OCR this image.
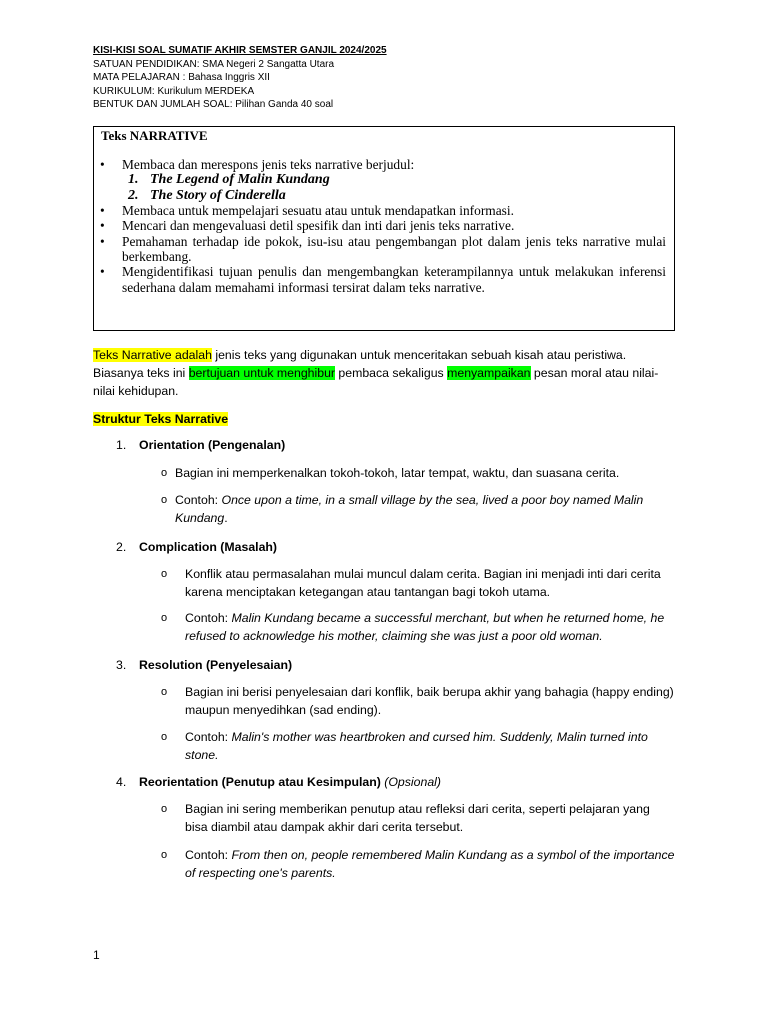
KISI-KISI SOAL SUMATIF AKHIR SEMSTER GANJIL 2024/2025
SATUAN PENDIDIKAN: SMA Negeri 2 Sangatta Utara
MATA PELAJARAN : Bahasa Inggris XII
KURIKULUM: Kurikulum MERDEKA
BENTUK DAN JUMLAH SOAL: Pilihan Ganda 40 soal
Teks NARRATIVE
• Membaca dan merespons jenis teks narrative berjudul:
1. The Legend of Malin Kundang
2. The Story of Cinderella
• Membaca untuk mempelajari sesuatu atau untuk mendapatkan informasi.
• Mencari dan mengevaluasi detil spesifik dan inti dari jenis teks narrative.
• Pemahaman terhadap ide pokok, isu-isu atau pengembangan plot dalam jenis teks narrative mulai berkembang.
• Mengidentifikasi tujuan penulis dan mengembangkan keterampilannya untuk melakukan inferensi sederhana dalam memahami informasi tersirat dalam teks narrative.
Teks Narrative adalah jenis teks yang digunakan untuk menceritakan sebuah kisah atau peristiwa. Biasanya teks ini bertujuan untuk menghibur pembaca sekaligus menyampaikan pesan moral atau nilai-nilai kehidupan.
Struktur Teks Narrative
1. Orientation (Pengenalan)
o Bagian ini memperkenalkan tokoh-tokoh, latar tempat, waktu, dan suasana cerita.
o Contoh: Once upon a time, in a small village by the sea, lived a poor boy named Malin Kundang.
2. Complication (Masalah)
o Konflik atau permasalahan mulai muncul dalam cerita. Bagian ini menjadi inti dari cerita karena menciptakan ketegangan atau tantangan bagi tokoh utama.
o Contoh: Malin Kundang became a successful merchant, but when he returned home, he refused to acknowledge his mother, claiming she was just a poor old woman.
3. Resolution (Penyelesaian)
o Bagian ini berisi penyelesaian dari konflik, baik berupa akhir yang bahagia (happy ending) maupun menyedihkan (sad ending).
o Contoh: Malin's mother was heartbroken and cursed him. Suddenly, Malin turned into stone.
4. Reorientation (Penutup atau Kesimpulan) (Opsional)
o Bagian ini sering memberikan penutup atau refleksi dari cerita, seperti pelajaran yang bisa diambil atau dampak akhir dari cerita tersebut.
o Contoh: From then on, people remembered Malin Kundang as a symbol of the importance of respecting one's parents.
1
